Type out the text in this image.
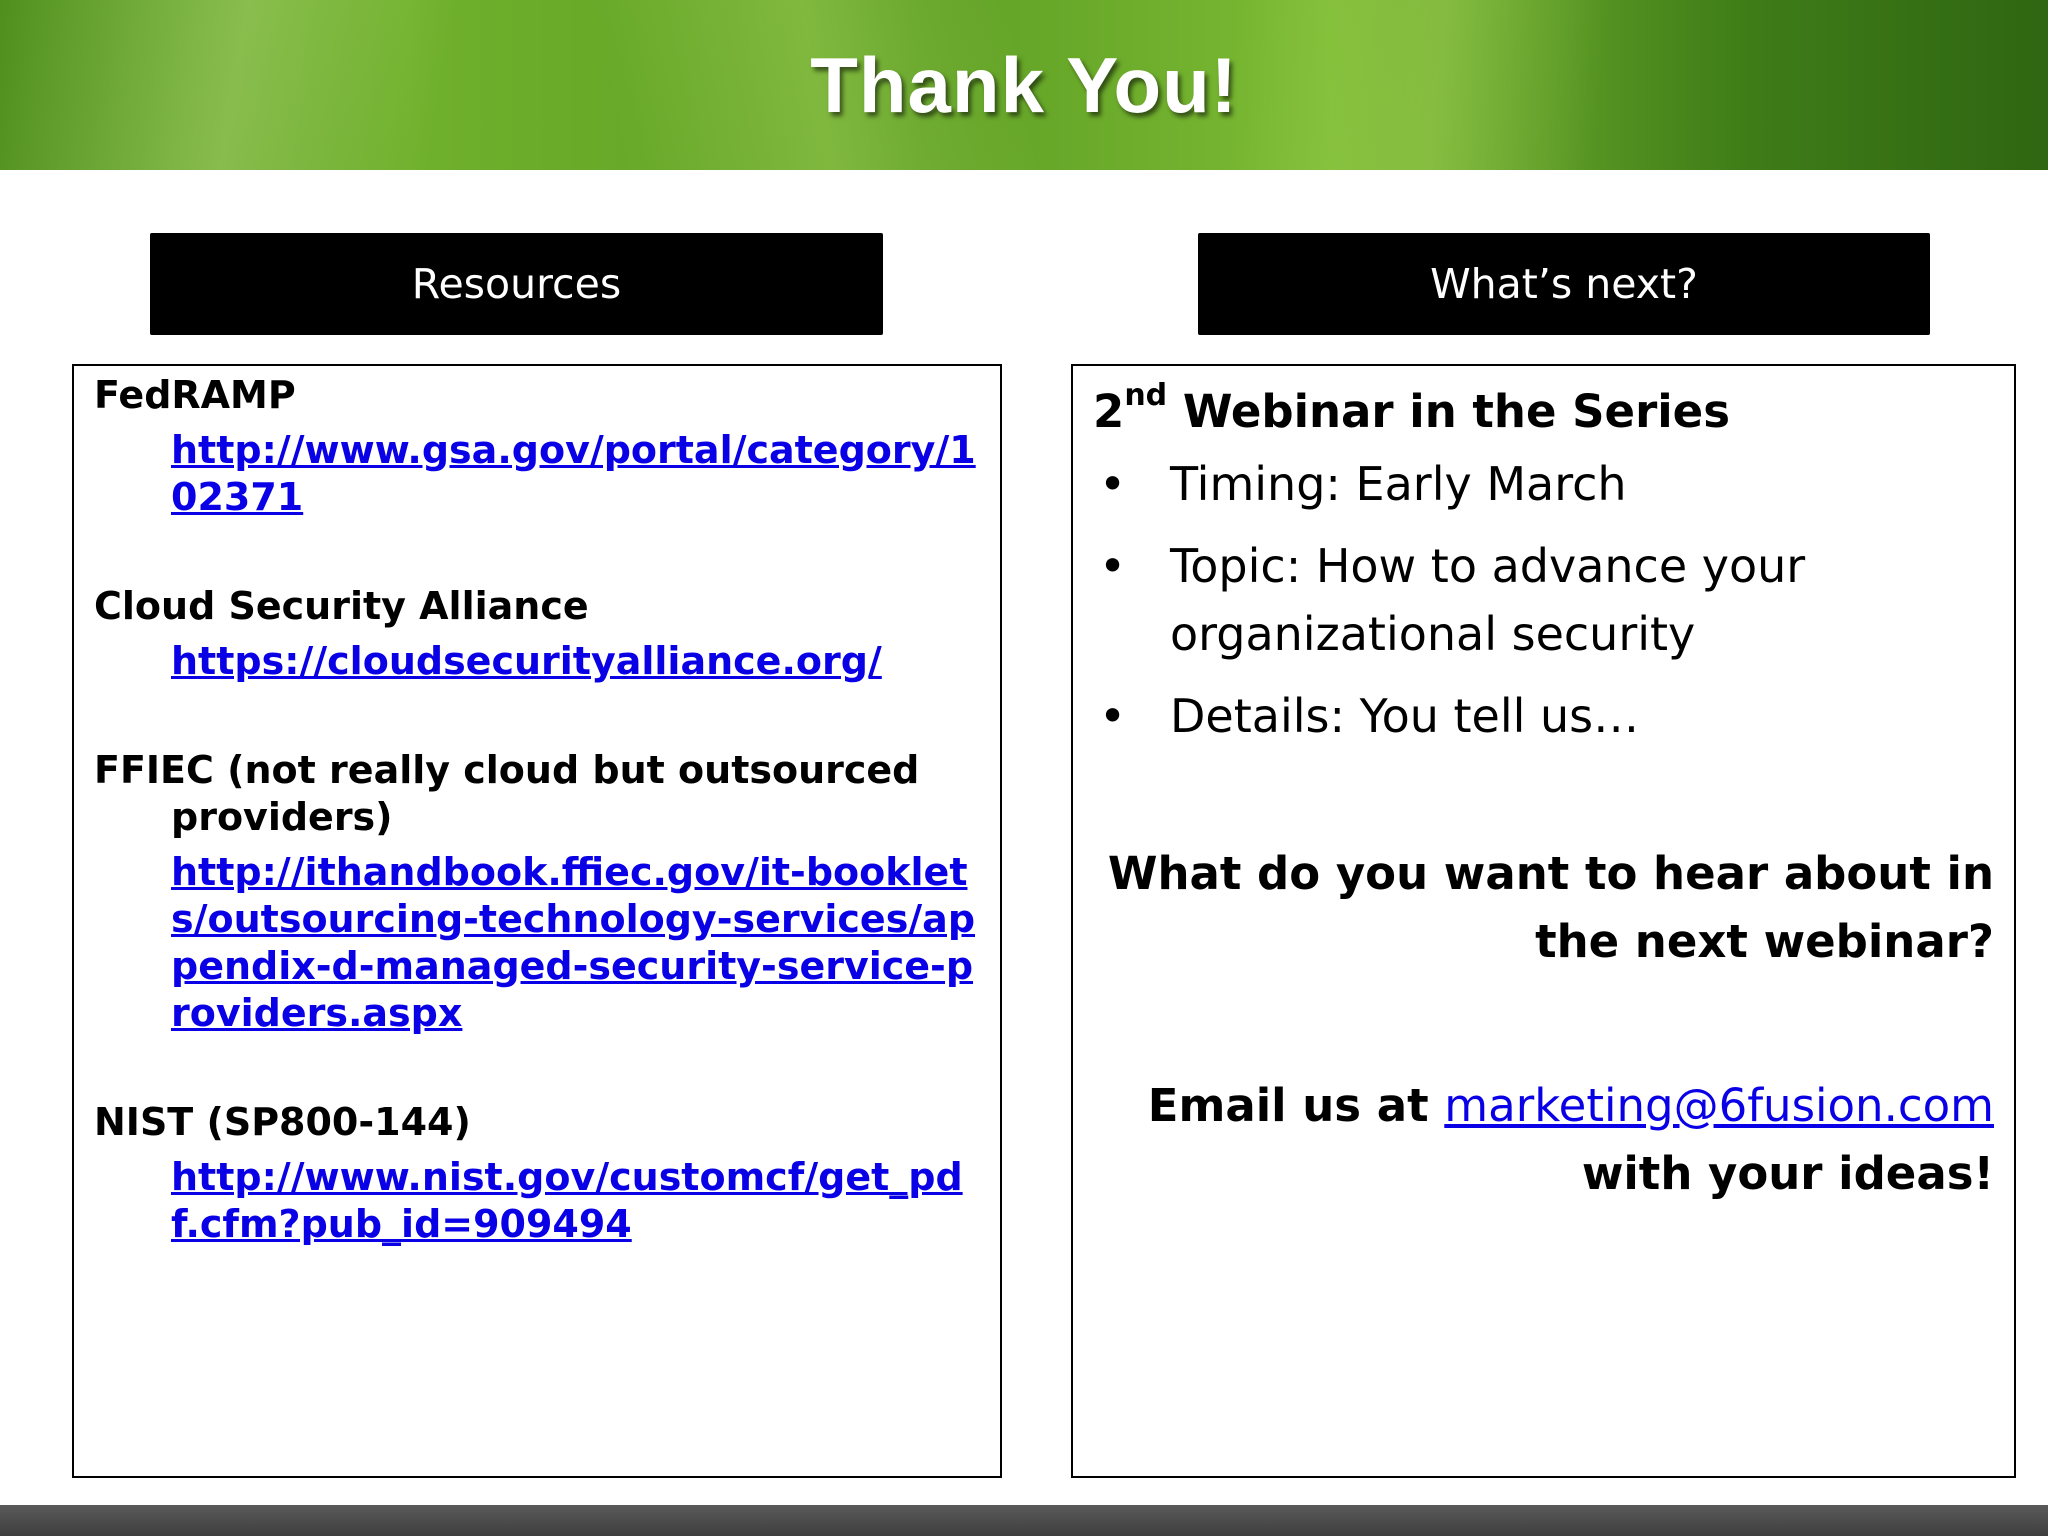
Thank You!
Resources	What’s next?
FedRAMP
http://www.gsa.gov/portal/category/102371
Cloud Security Alliance
https://cloudsecurityalliance.org/
FFIEC (not really cloud but outsourced
providers)
http://ithandbook.ffiec.gov/it-booklets/outsourcing-technology-services/appendix-d-managed-security-service-providers.aspx
NIST (SP800-144)
http://www.nist.gov/customcf/get_pdf.cfm?pub_id=909494
2nd Webinar in the Series
• Timing: Early March
• Topic: How to advance your organizational security
• Details: You tell us…
What do you want to hear about in the next webinar?
Email us at marketing@6fusion.com
with your ideas!
